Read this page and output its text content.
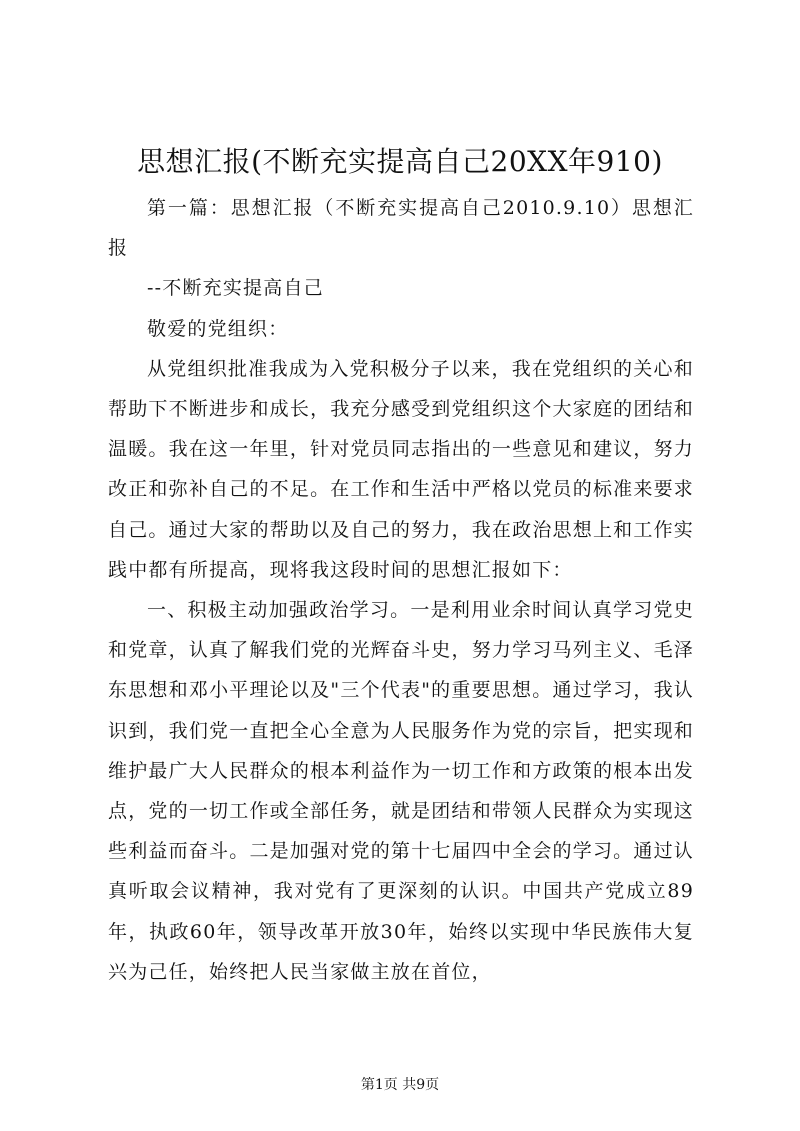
思想汇报(不断充实提高自己20XX年910)

第一篇：思想汇报（不断充实提高自己2010.9.10）思想汇报

--不断充实提高自己

敬爱的党组织：

从党组织批准我成为入党积极分子以来，我在党组织的关心和帮助下不断进步和成长，我充分感受到党组织这个大家庭的团结和温暖。我在这一年里，针对党员同志指出的一些意见和建议，努力改正和弥补自己的不足。在工作和生活中严格以党员的标准来要求自己。通过大家的帮助以及自己的努力，我在政治思想上和工作实践中都有所提高，现将我这段时间的思想汇报如下：

一、积极主动加强政治学习。一是利用业余时间认真学习党史和党章，认真了解我们党的光辉奋斗史，努力学习马列主义、毛泽东思想和邓小平理论以及"三个代表"的重要思想。通过学习，我认识到，我们党一直把全心全意为人民服务作为党的宗旨，把实现和维护最广大人民群众的根本利益作为一切工作和方政策的根本出发点，党的一切工作或全部任务，就是团结和带领人民群众为实现这些利益而奋斗。二是加强对党的第十七届四中全会的学习。通过认真听取会议精神，我对党有了更深刻的认识。中国共产党成立89年，执政60年，领导改革开放30年，始终以实现中华民族伟大复兴为己任，始终把人民当家做主放在首位，

第1页 共9页
